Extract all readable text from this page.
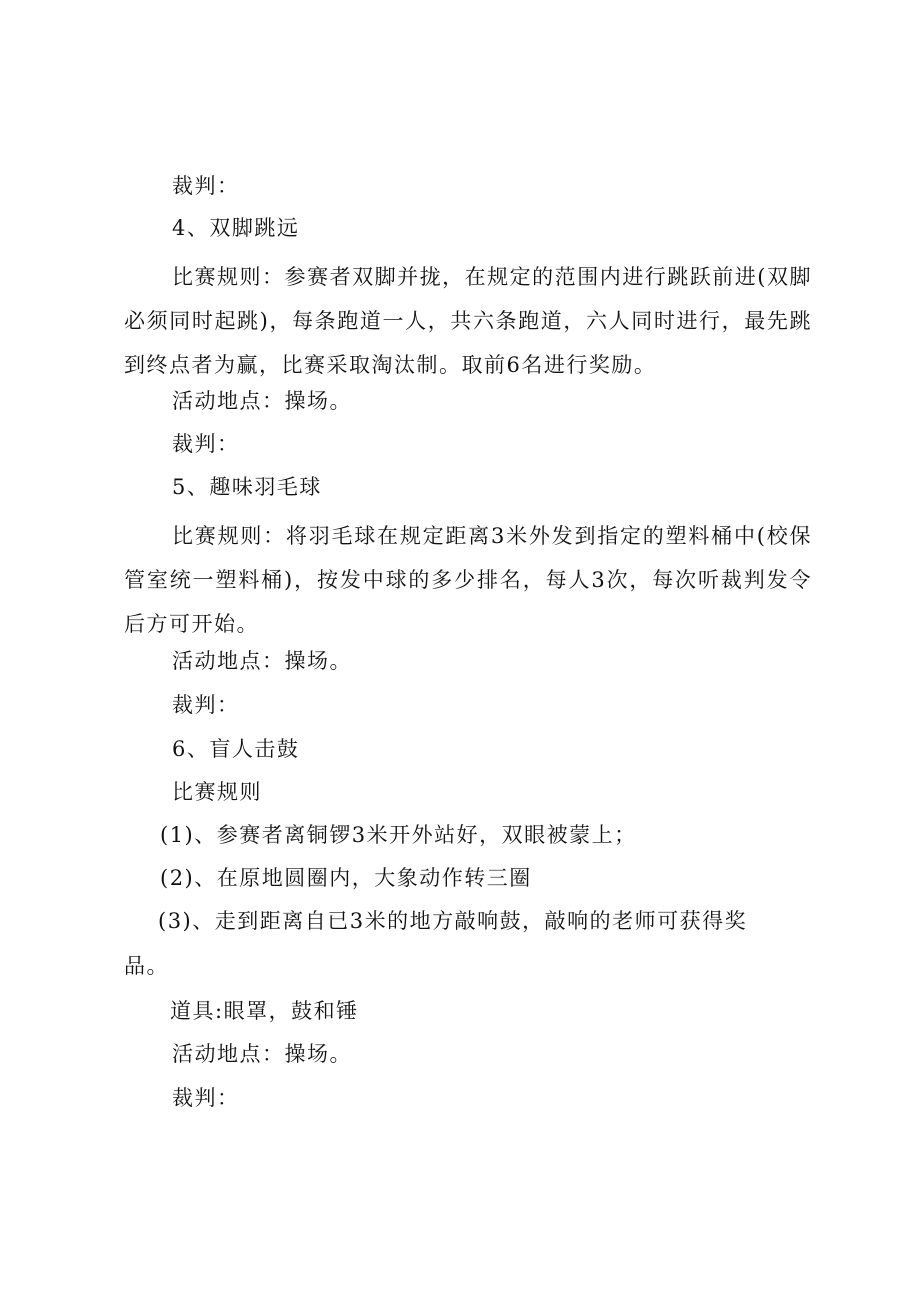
裁判：
4、双脚跳远
比赛规则：参赛者双脚并拢，在规定的范围内进行跳跃前进(双脚必须同时起跳)，每条跑道一人，共六条跑道，六人同时进行，最先跳到终点者为赢，比赛采取淘汰制。取前6名进行奖励。
活动地点：操场。
裁判：
5、趣味羽毛球
比赛规则：将羽毛球在规定距离3米外发到指定的塑料桶中(校保管室统一塑料桶)，按发中球的多少排名，每人3次，每次听裁判发令后方可开始。
活动地点：操场。
裁判：
6、盲人击鼓
比赛规则
(1)、参赛者离铜锣3米开外站好，双眼被蒙上；
(2)、在原地圆圈内，大象动作转三圈
(3)、走到距离自已3米的地方敲响鼓，敲响的老师可获得奖
品。
道具:眼罩，鼓和锤
活动地点：操场。
裁判：
